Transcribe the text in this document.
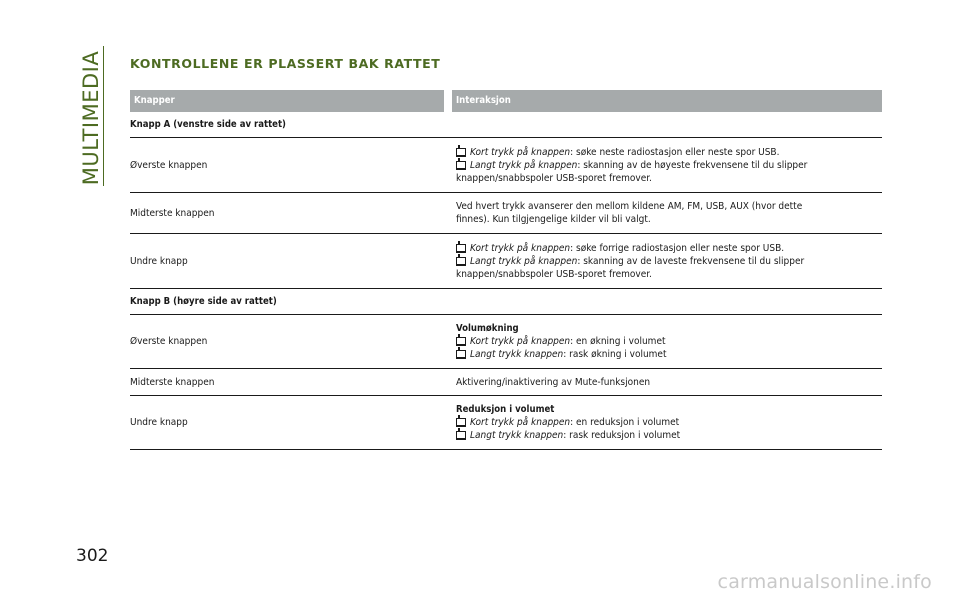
MULTIMEDIA KONTROLLENE ER PLASSERT BAK RATTET
Knapper	Interaksjon
Knapp A (venstre side av rattet)
Øverste knappen
Kort trykk på knappen: søke neste radiostasjon eller neste spor USB.
Langt trykk på knappen: skanning av de høyeste frekvensene til du slipper
knappen/snabbspoler USB-sporet fremover.
Midterste knappen
Ved hvert trykk avanserer den mellom kildene AM, FM, USB, AUX (hvor dette
finnes). Kun tilgjengelige kilder vil bli valgt.
Undre knapp
Kort trykk på knappen: søke forrige radiostasjon eller neste spor USB.
Langt trykk på knappen: skanning av de laveste frekvensene til du slipper
knappen/snabbspoler USB-sporet fremover.
Knapp B (høyre side av rattet)
Øverste knappen
Volumøkning
Kort trykk på knappen: en økning i volumet
Langt trykk knappen: rask økning i volumet
Midterste knappen	Aktivering/inaktivering av Mute-funksjonen
Undre knapp
Reduksjon i volumet
Kort trykk på knappen: en reduksjon i volumet
Langt trykk knappen: rask reduksjon i volumet
302
carmanualsonline.info
